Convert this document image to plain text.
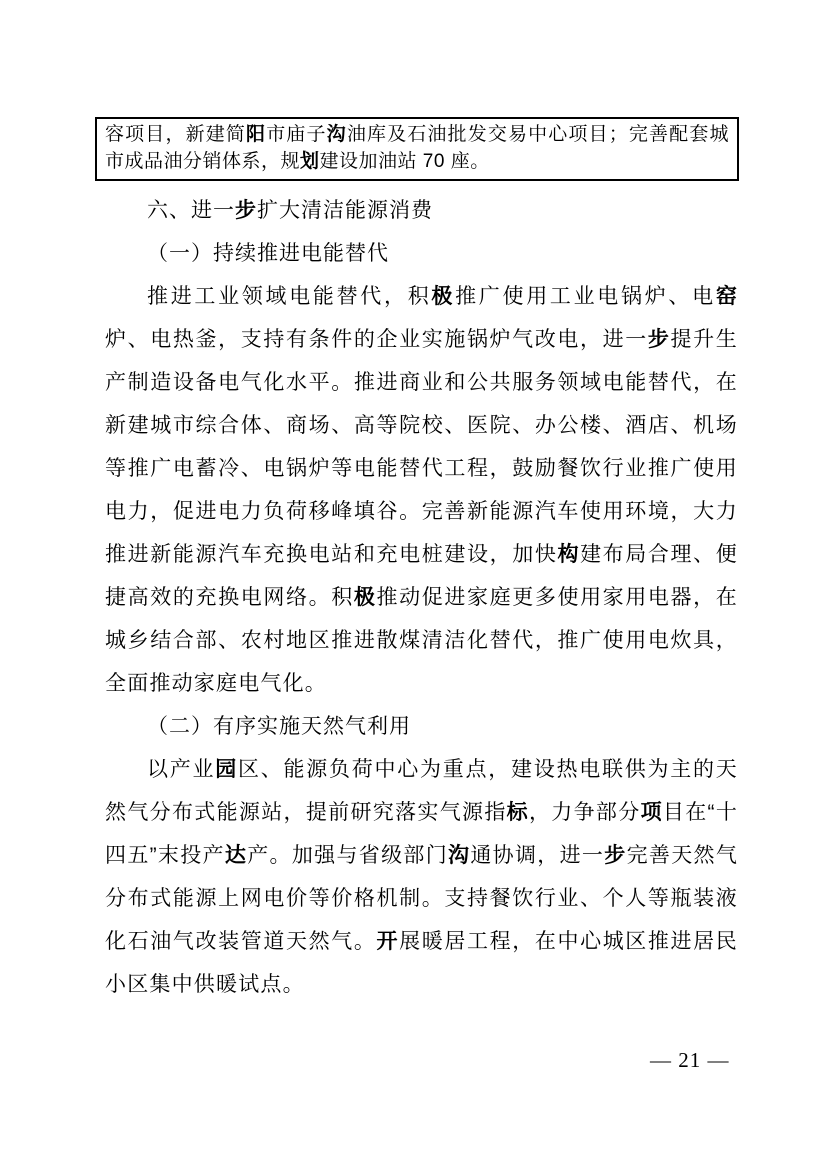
容项目，新建简阳市庙子沟油库及石油批发交易中心项目；完善配套城市成品油分销体系，规划建设加油站 70 座。
六、进一步扩大清洁能源消费
（一）持续推进电能替代
推进工业领域电能替代，积极推广使用工业电锅炉、电窑炉、电热釜，支持有条件的企业实施锅炉气改电，进一步提升生产制造设备电气化水平。推进商业和公共服务领域电能替代，在新建城市综合体、商场、高等院校、医院、办公楼、酒店、机场等推广电蓄冷、电锅炉等电能替代工程，鼓励餐饮行业推广使用电力，促进电力负荷移峰填谷。完善新能源汽车使用环境，大力推进新能源汽车充换电站和充电桩建设，加快构建布局合理、便捷高效的充换电网络。积极推动促进家庭更多使用家用电器，在城乡结合部、农村地区推进散煤清洁化替代，推广使用电炊具，全面推动家庭电气化。
（二）有序实施天然气利用
以产业园区、能源负荷中心为重点，建设热电联供为主的天然气分布式能源站，提前研究落实气源指标，力争部分项目在“十四五”末投产达产。加强与省级部门沟通协调，进一步完善天然气分布式能源上网电价等价格机制。支持餐饮行业、个人等瓶装液化石油气改装管道天然气。开展暖居工程，在中心城区推进居民小区集中供暖试点。
— 21 —
